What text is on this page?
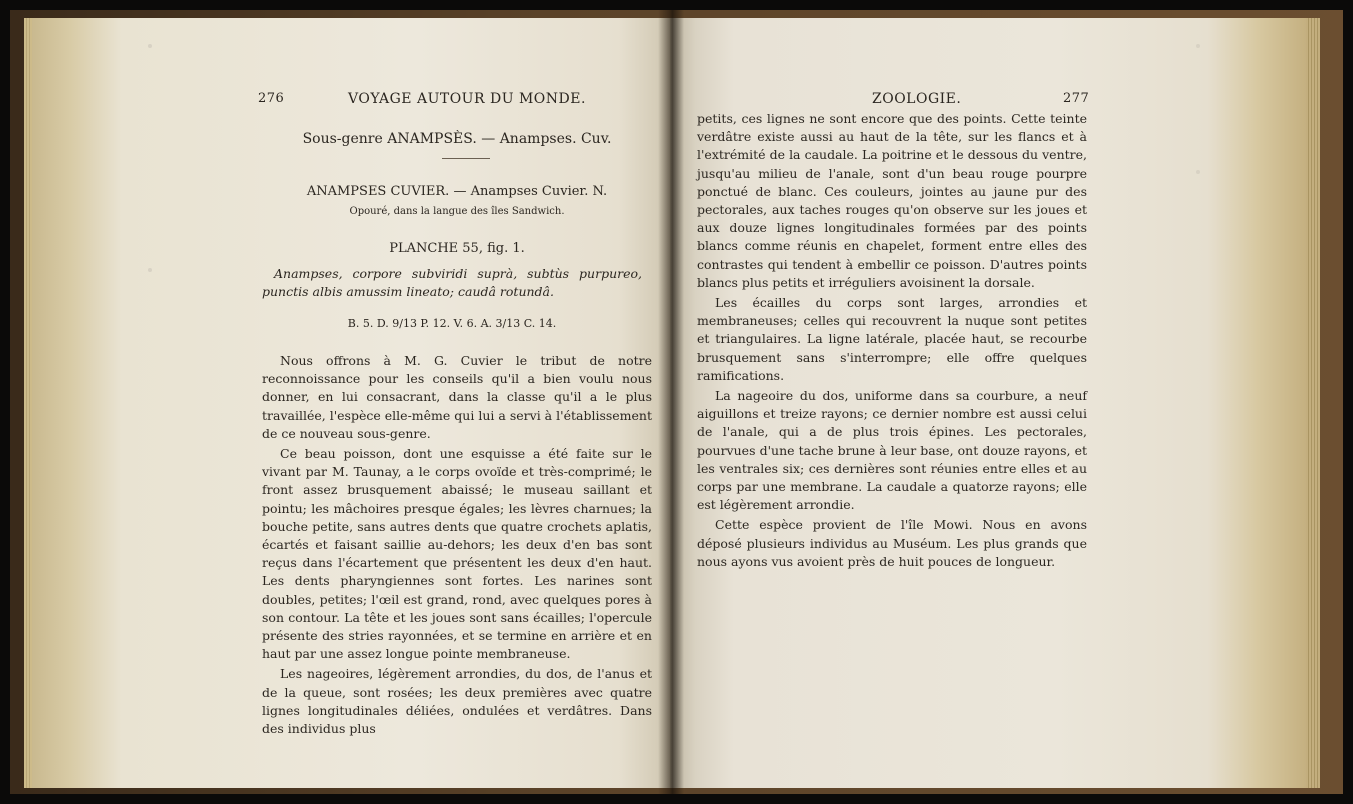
276	VOYAGE AUTOUR DU MONDE.
Sous-genre ANAMPSÈS. — Anampses. Cuv.
ANAMPSES CUVIER. — Anampses Cuvier. N.
Opouré, dans la langue des îles Sandwich.
PLANCHE 55, fig. 1.
Anampses, corpore subviridi suprà, subtùs purpureo, punctis albis amussim lineato; caudâ rotundâ.
B. 5. D. 9/13 P. 12. V. 6. A. 3/13 C. 14.

Nous offrons à M. G. Cuvier le tribut de notre reconnoissance pour les conseils qu'il a bien voulu nous donner, en lui consacrant, dans la classe qu'il a le plus travaillée, l'espèce elle-même qui lui a servi à l'établissement de ce nouveau sous-genre.

Ce beau poisson, dont une esquisse a été faite sur le vivant par M. Taunay, a le corps ovoïde et très-comprimé; le front assez brusquement abaissé; le museau saillant et pointu; les mâchoires presque égales; les lèvres charnues; la bouche petite, sans autres dents que quatre crochets aplatis, écartés et faisant saillie au-dehors; les deux d'en bas sont reçus dans l'écartement que présentent les deux d'en haut. Les dents pharyngiennes sont fortes. Les narines sont doubles, petites; l'œil est grand, rond, avec quelques pores à son contour. La tête et les joues sont sans écailles; l'opercule présente des stries rayonnées, et se termine en arrière et en haut par une assez longue pointe membraneuse.

Les nageoires, légèrement arrondies, du dos, de l'anus et de la queue, sont rosées; les deux premières avec quatre lignes longitudinales déliées, ondulées et verdâtres. Dans des individus plus

ZOOLOGIE.	277

petits, ces lignes ne sont encore que des points. Cette teinte verdâtre existe aussi au haut de la tête, sur les flancs et à l'extrémité de la caudale. La poitrine et le dessous du ventre, jusqu'au milieu de l'anale, sont d'un beau rouge pourpre ponctué de blanc. Ces couleurs, jointes au jaune pur des pectorales, aux taches rouges qu'on observe sur les joues et aux douze lignes longitudinales formées par des points blancs comme réunis en chapelet, forment entre elles des contrastes qui tendent à embellir ce poisson. D'autres points blancs plus petits et irréguliers avoisinent la dorsale.

Les écailles du corps sont larges, arrondies et membraneuses; celles qui recouvrent la nuque sont petites et triangulaires. La ligne latérale, placée haut, se recourbe brusquement sans s'interrompre; elle offre quelques ramifications.

La nageoire du dos, uniforme dans sa courbure, a neuf aiguillons et treize rayons; ce dernier nombre est aussi celui de l'anale, qui a de plus trois épines. Les pectorales, pourvues d'une tache brune à leur base, ont douze rayons, et les ventrales six; ces dernières sont réunies entre elles et au corps par une membrane. La caudale a quatorze rayons; elle est légèrement arrondie.

Cette espèce provient de l'île Mowi. Nous en avons déposé plusieurs individus au Muséum. Les plus grands que nous ayons vus avoient près de huit pouces de longueur.
